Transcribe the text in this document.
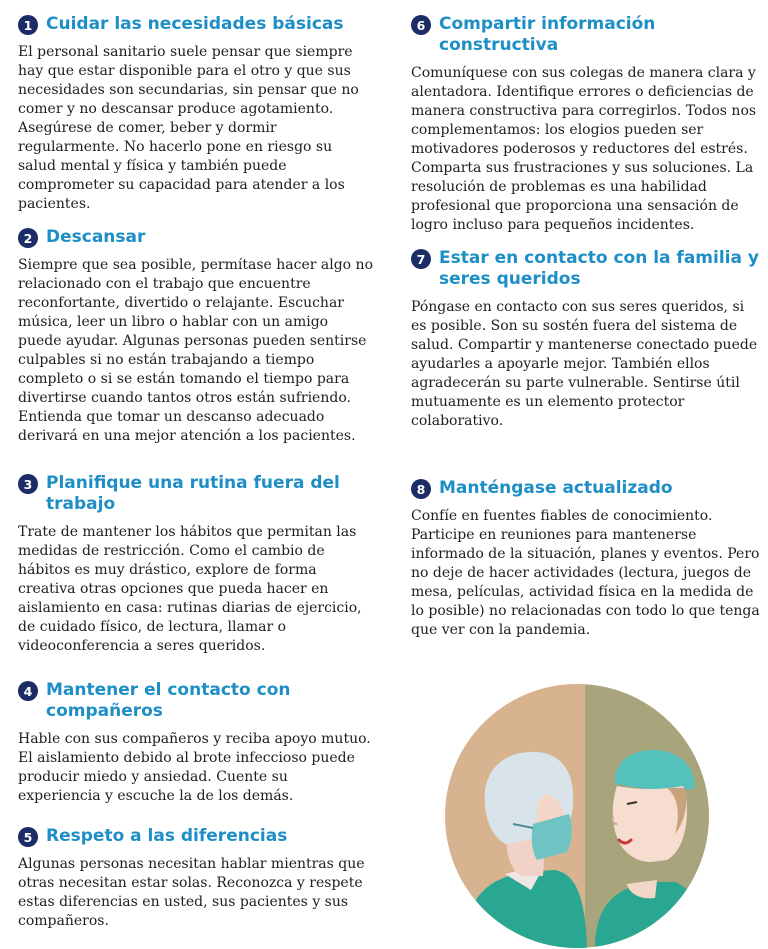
1 Cuidar las necesidades básicas
El personal sanitario suele pensar que siempre hay que estar disponible para el otro y que sus necesidades son secundarias, sin pensar que no comer y no descansar produce agotamiento. Asegúrese de comer, beber y dormir regularmente. No hacerlo pone en riesgo su salud mental y física y también puede comprometer su capacidad para atender a los pacientes.
2 Descansar
Siempre que sea posible, permítase hacer algo no relacionado con el trabajo que encuentre reconfortante, divertido o relajante. Escuchar música, leer un libro o hablar con un amigo puede ayudar. Algunas personas pueden sentirse culpables si no están trabajando a tiempo completo o si se están tomando el tiempo para divertirse cuando tantos otros están sufriendo. Entienda que tomar un descanso adecuado derivará en una mejor atención a los pacientes.
3 Planifique una rutina fuera del trabajo
Trate de mantener los hábitos que permitan las medidas de restricción. Como el cambio de hábitos es muy drástico, explore de forma creativa otras opciones que pueda hacer en aislamiento en casa: rutinas diarias de ejercicio, de cuidado físico, de lectura, llamar o videoconferencia a seres queridos.
4 Mantener el contacto con compañeros
Hable con sus compañeros y reciba apoyo mutuo. El aislamiento debido al brote infeccioso puede producir miedo y ansiedad. Cuente su experiencia y escuche la de los demás.
5 Respeto a las diferencias
Algunas personas necesitan hablar mientras que otras necesitan estar solas. Reconozca y respete estas diferencias en usted, sus pacientes y sus compañeros.
6 Compartir información constructiva
Comuníquese con sus colegas de manera clara y alentadora. Identifique errores o deficiencias de manera constructiva para corregirlos. Todos nos complementamos: los elogios pueden ser motivadores poderosos y reductores del estrés. Comparta sus frustraciones y sus soluciones. La resolución de problemas es una habilidad profesional que proporciona una sensación de logro incluso para pequeños incidentes.
7 Estar en contacto con la familia y seres queridos
Póngase en contacto con sus seres queridos, si es posible. Son su sostén fuera del sistema de salud. Compartir y mantenerse conectado puede ayudarles a apoyarle mejor. También ellos agradecerán su parte vulnerable. Sentirse útil mutuamente es un elemento protector colaborativo.
8 Manténgase actualizado
Confíe en fuentes fiables de conocimiento. Participe en reuniones para mantenerse informado de la situación, planes y eventos. Pero no deje de hacer actividades (lectura, juegos de mesa, películas, actividad física en la medida de lo posible) no relacionadas con todo lo que tenga que ver con la pandemia.
